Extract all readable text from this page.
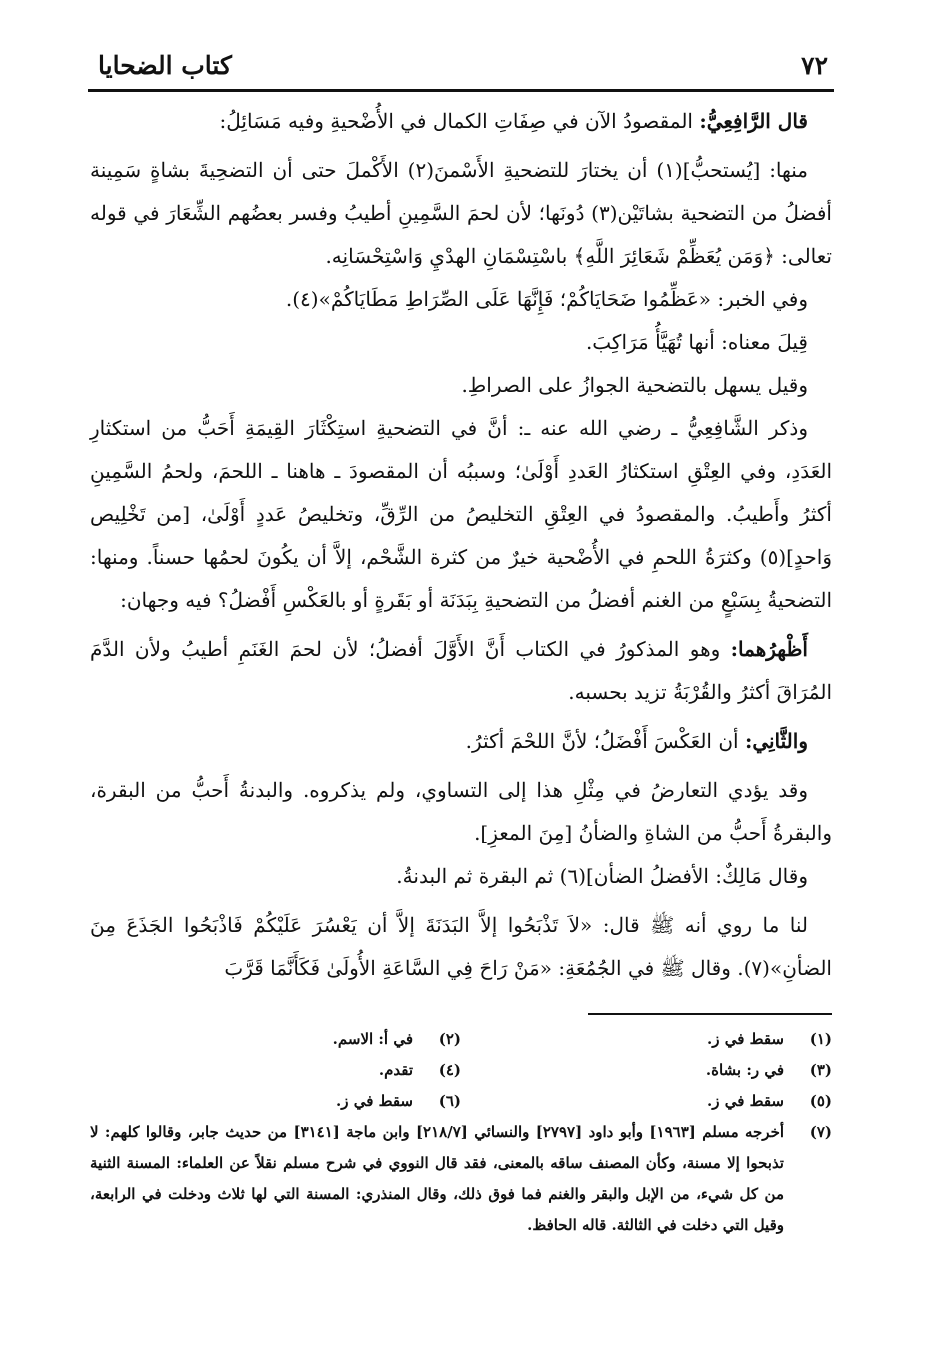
٧٢
كتاب الضحايا

قال الرَّافِعِيُّ: المقصودُ الآن في صِفَاتِ الكمال في الأُضْحيةِ وفيه مَسَائِلُ:

منها: [يُستحبُّ](١) أن يختارَ للتضحيةِ الأَسْمنَ(٢) الأَكْملَ حتى أن التضحِيةَ بشاةٍ سَمِينة أفضلُ من التضحية بشاتَيْن(٣) دُونَها؛ لأن لحمَ السَّمِينِ أطيبُ وفسر بعضُهم الشِّعَارَ في قوله تعالى: ﴿وَمَن يُعَظِّمْ شَعَائِرَ اللَّهِ﴾ باسْتِسْمَانِ الهدْيِ وَاسْتِحْسَانِه.

وفي الخبر: «عَظِّمُوا ضَحَايَاكُمْ؛ فَإِنَّهَا عَلَى الصِّرَاطِ مَطَايَاكُمْ»(٤).

قِيلَ معناه: أنها تُهَيَّأُ مَرَاكِبَ.

وقيل يسهل بالتضحية الجوازُ على الصراطِ.

وذكر الشَّافِعِيُّ ـ رضي الله عنه ـ: أنَّ في التضحيةِ استِكْثَارَ القِيمَةِ أَحَبُّ من استكثارِ العَدَدِ، وفي العِتْقِ استكثارُ العَددِ أَوْلَىٰ؛ وسببُه أن المقصودَ ـ هاهنا ـ اللحمَ، ولحمُ السَّمِينِ أكثرُ وأَطيبُ. والمقصودُ في العِتْقِ التخليصُ من الرِّقِّ، وتخليصُ عَددٍ أَوْلَىٰ، [من تَخْلِيص وَاحدٍ](٥) وكثرَةُ اللحمِ في الأُضْحية خيرٌ من كثرة الشَّحْم، إلاَّ أن يكُونَ لحمُها حسناً. ومنها: التضحيةُ بِسَبْعٍ من الغنم أفضلُ من التضحيةِ بِبَدَنَة أو بَقَرةٍ أو بالعَكْسِ أَفْضلُ؟ فيه وجهان:

أَظْهرُهما: وهو المذكورُ في الكتاب أَنَّ الأَوَّلَ أفضلُ؛ لأن لحمَ الغَنَمِ أطيبُ ولأن الدَّمَ المُرَاقَ أكثرُ والقُرْبَةُ تزيد بحسبه.

والثَّانِي: أن العَكْسَ أَفْضَلُ؛ لأنَّ اللحْمَ أكثرُ.

وقد يؤدي التعارضُ في مِثْلِ هذا إلى التساوي، ولم يذكروه. والبدنةُ أَحبُّ من البقرة، والبقرةُ أَحبُّ من الشاةِ والضأنُ [مِنَ المعزِ].

وقال مَالِكٌ: الأفضلُ الضأن](٦) ثم البقرة ثم البدنةُ.

لنا ما روي أنه ﷺ قال: «لاَ تَذْبَحُوا إلاَّ البَدَنَةَ إلاَّ أن يَعْسُرَ عَلَيْكُمْ فَاذْبَحُوا الجَذَعَ مِنَ الضأنِ»(٧). وقال ﷺ في الجُمُعَةِ: «مَنْ رَاحَ فِي السَّاعَةِ الأُولَىٰ فَكَأَنَّمَا قَرَّبَ

(١)
سقط في ز.
(٢)
في أ: الاسم.
(٣)
في ر: بشاة.
(٤)
تقدم.
(٥)
سقط في ز.
(٦)
سقط في ز.
(٧)
أخرجه مسلم [١٩٦٣] وأبو داود [٢٧٩٧] والنسائي [٢١٨/٧] وابن ماجة [٣١٤١] من حديث جابر، وقالوا كلهم: لا تذبحوا إلا مسنة، وكأن المصنف ساقه بالمعنى، فقد قال النووي في شرح مسلم نقلاً عن العلماء: المسنة الثنية من كل شيء، من الإبل والبقر والغنم فما فوق ذلك، وقال المنذري: المسنة التي لها ثلاث ودخلت في الرابعة، وقيل التي دخلت في الثالثة. قاله الحافظ.
